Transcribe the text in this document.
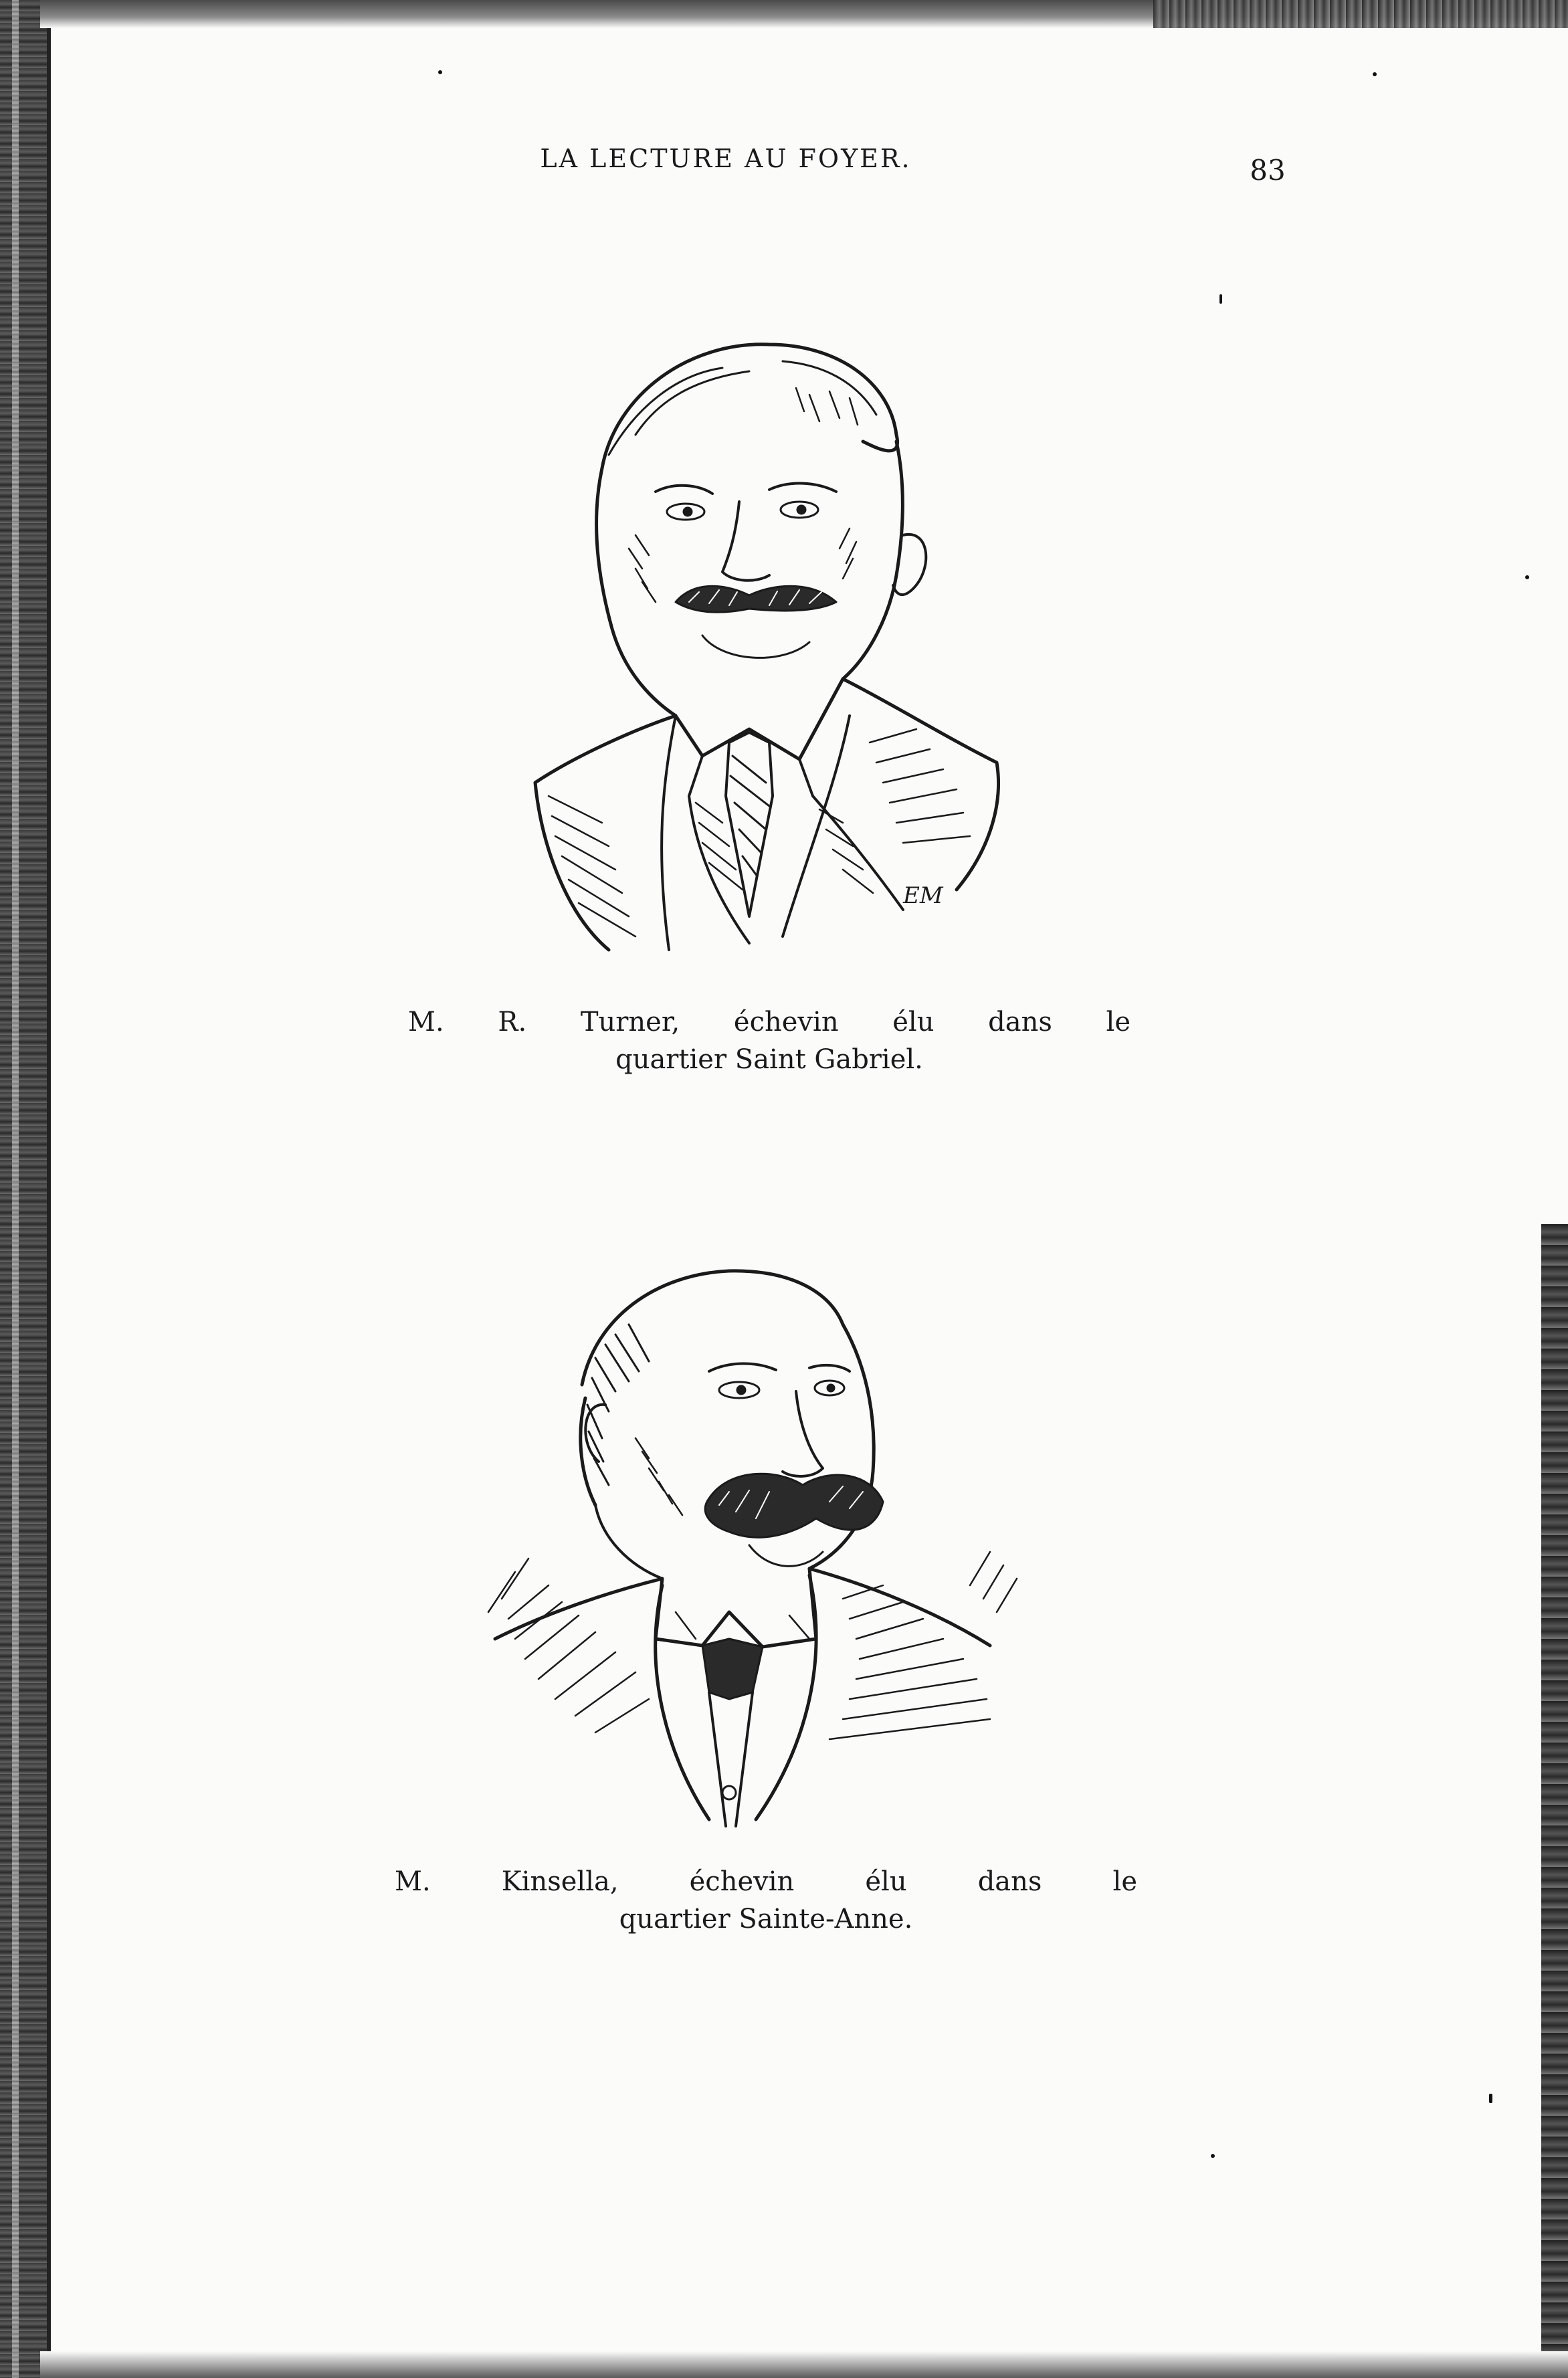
LA LECTURE AU FOYER.	83
EM
M. R. Turner, échevin élu dans le
quartier Saint Gabriel.
M. Kinsella, échevin élu dans le
quartier Sainte-Anne.
